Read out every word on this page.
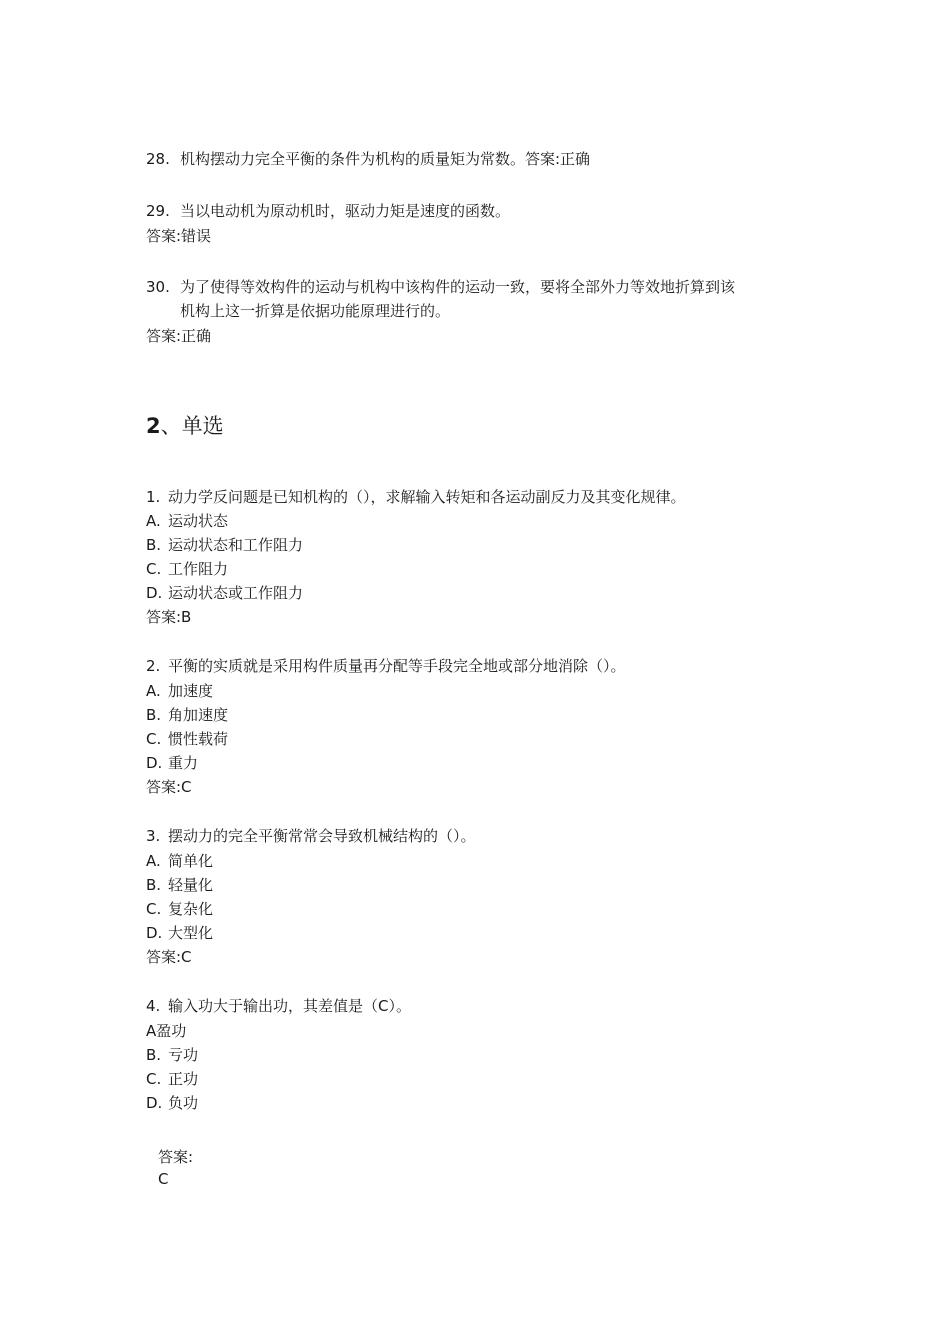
28. 机构摆动力完全平衡的条件为机构的质量矩为常数。答案:正确
29. 当以电动机为原动机时，驱动力矩是速度的函数。
答案:错误
30. 为了使得等效构件的运动与机构中该构件的运动一致，要将全部外力等效地折算到该
机构上这一折算是依据功能原理进行的。
答案:正确
2、单选
1. 动力学反问题是已知机构的（），求解输入转矩和各运动副反力及其变化规律。
A. 运动状态
B. 运动状态和工作阻力
C. 工作阻力
D. 运动状态或工作阻力
答案:B
2. 平衡的实质就是采用构件质量再分配等手段完全地或部分地消除（）。
A. 加速度
B. 角加速度
C. 惯性载荷
D. 重力
答案:C
3. 摆动力的完全平衡常常会导致机械结构的（）。
A. 简单化
B. 轻量化
C. 复杂化
D. 大型化
答案:C
4. 输入功大于输出功，其差值是（C）。
A盈功
B. 亏功
C. 正功
D. 负功
答案:
C
